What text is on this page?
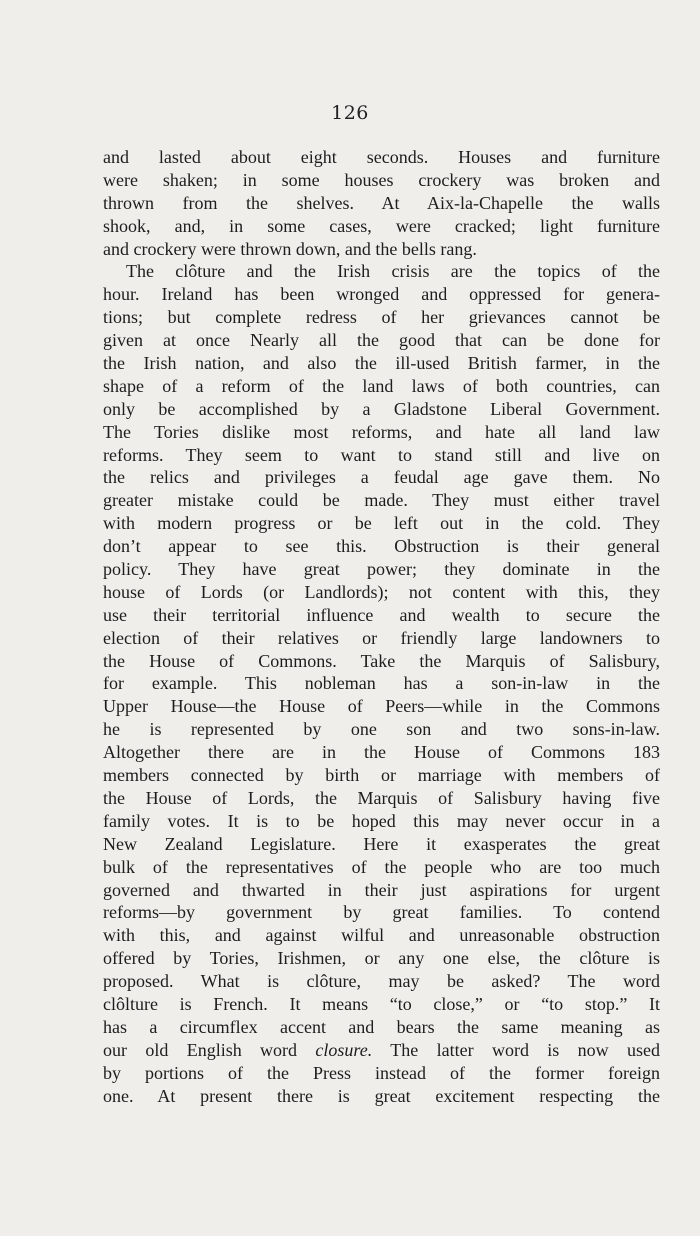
126
and lasted about eight seconds. Houses and furniture
were shaken; in some houses crockery was broken and
thrown from the shelves. At Aix-la-Chapelle the walls
shook, and, in some cases, were cracked; light furniture
and crockery were thrown down, and the bells rang.
The clôture and the Irish crisis are the topics of the
hour. Ireland has been wronged and oppressed for genera-
tions; but complete redress of her grievances cannot be
given at once Nearly all the good that can be done for
the Irish nation, and also the ill-used British farmer, in the
shape of a reform of the land laws of both countries, can
only be accomplished by a Gladstone Liberal Government.
The Tories dislike most reforms, and hate all land law
reforms. They seem to want to stand still and live on
the relics and privileges a feudal age gave them. No
greater mistake could be made. They must either travel
with modern progress or be left out in the cold. They
don’t appear to see this. Obstruction is their general
policy. They have great power; they dominate in the
house of Lords (or Landlords); not content with this, they
use their territorial influence and wealth to secure the
election of their relatives or friendly large landowners to
the House of Commons. Take the Marquis of Salisbury,
for example. This nobleman has a son-in-law in the
Upper House—the House of Peers—while in the Commons
he is represented by one son and two sons-in-law.
Altogether there are in the House of Commons 183
members connected by birth or marriage with members of
the House of Lords, the Marquis of Salisbury having five
family votes. It is to be hoped this may never occur in a
New Zealand Legislature. Here it exasperates the great
bulk of the representatives of the people who are too much
governed and thwarted in their just aspirations for urgent
reforms—by government by great families. To contend
with this, and against wilful and unreasonable obstruction
offered by Tories, Irishmen, or any one else, the clôture is
proposed. What is clôture, may be asked? The word
clôlture is French. It means “to close,” or “to stop.” It
has a circumflex accent and bears the same meaning as
our old English word closure. The latter word is now used
by portions of the Press instead of the former foreign
one. At present there is great excitement respecting the
